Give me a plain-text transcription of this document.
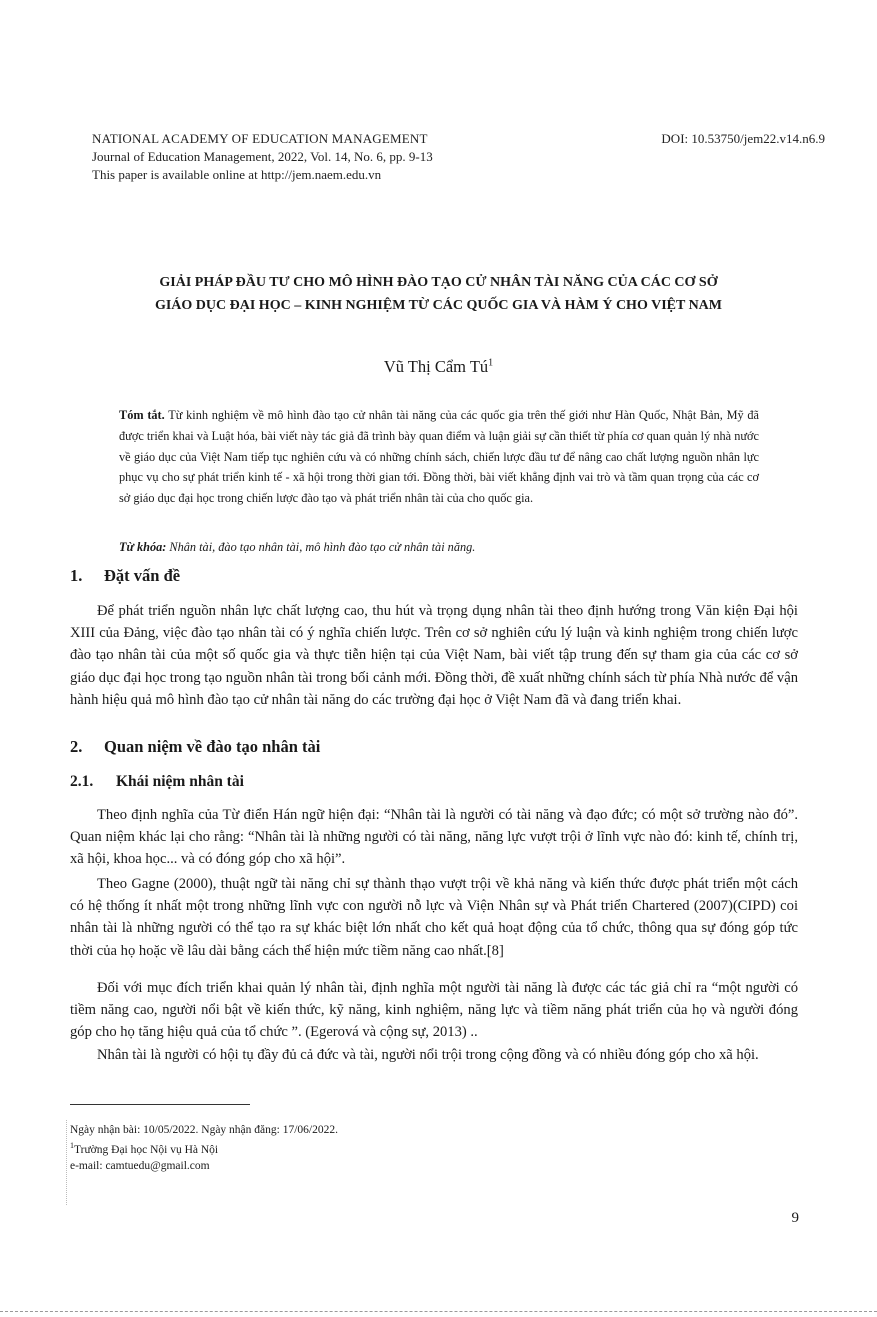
NATIONAL ACADEMY OF EDUCATION MANAGEMENT
Journal of Education Management, 2022, Vol. 14, No. 6, pp. 9-13
This paper is available online at http://jem.naem.edu.vn
DOI: 10.53750/jem22.v14.n6.9
GIẢI PHÁP ĐẦU TƯ CHO MÔ HÌNH ĐÀO TẠO CỬ NHÂN TÀI NĂNG CỦA CÁC CƠ SỞ
GIÁO DỤC ĐẠI HỌC – KINH NGHIỆM TỪ CÁC QUỐC GIA VÀ HÀM Ý CHO VIỆT NAM
Vũ Thị Cẩm $Tú^1$
Tóm tắt. Từ kinh nghiệm về mô hình đào tạo cử nhân tài năng của các quốc gia trên thế giới như Hàn Quốc, Nhật Bản, Mỹ đã được triển khai và Luật hóa, bài viết này tác giả đã trình bày quan điểm và luận giải sự cần thiết từ phía cơ quan quản lý nhà nước về giáo dục của Việt Nam tiếp tục nghiên cứu và có những chính sách, chiến lược đầu tư để nâng cao chất lượng nguồn nhân lực phục vụ cho sự phát triển kinh tế - xã hội trong thời gian tới. Đồng thời, bài viết khẳng định vai trò và tầm quan trọng của các cơ sở giáo dục đại học trong chiến lược đào tạo và phát triển nhân tài của cho quốc gia.
Từ khóa: Nhân tài, đào tạo nhân tài, mô hình đào tạo cử nhân tài năng.
1. Đặt vấn đề
Để phát triển nguồn nhân lực chất lượng cao, thu hút và trọng dụng nhân tài theo định hướng trong Văn kiện Đại hội XIII của Đảng, việc đào tạo nhân tài có ý nghĩa chiến lược. Trên cơ sở nghiên cứu lý luận và kinh nghiệm trong chiến lược đào tạo nhân tài của một số quốc gia và thực tiễn hiện tại của Việt Nam, bài viết tập trung đến sự tham gia của các cơ sở giáo dục đại học trong tạo nguồn nhân tài trong bối cảnh mới. Đồng thời, đề xuất những chính sách từ phía Nhà nước để vận hành hiệu quả mô hình đào tạo cử nhân tài năng do các trường đại học ở Việt Nam đã và đang triển khai.
2. Quan niệm về đào tạo nhân tài
2.1. Khái niệm nhân tài
Theo định nghĩa của Từ điển Hán ngữ hiện đại: “Nhân tài là người có tài năng và đạo đức; có một sở trường nào đó”. Quan niệm khác lại cho rằng: “Nhân tài là những người có tài năng, năng lực vượt trội ở lĩnh vực nào đó: kinh tế, chính trị, xã hội, khoa học... và có đóng góp cho xã hội”.
Theo Gagne (2000), thuật ngữ tài năng chỉ sự thành thạo vượt trội về khả năng và kiến thức được phát triển một cách có hệ thống ít nhất một trong những lĩnh vực con người nỗ lực và Viện Nhân sự và Phát triển Chartered (2007)(CIPD) coi nhân tài là những người có thể tạo ra sự khác biệt lớn nhất cho kết quả hoạt động của tổ chức, thông qua sự đóng góp tức thời của họ hoặc về lâu dài bằng cách thể hiện mức tiềm năng cao nhất.[8]
Đối với mục đích triển khai quản lý nhân tài, định nghĩa một người tài năng là được các tác giả chỉ ra “một người có tiềm năng cao, người nổi bật về kiến thức, kỹ năng, kinh nghiệm, năng lực và tiềm năng phát triển của họ và người đóng góp cho họ tăng hiệu quả của tổ chức ”. (Egerová và cộng sự, 2013) ..
Nhân tài là người có hội tụ đầy đủ cả đức và tài, người nổi trội trong cộng đồng và có nhiều đóng góp cho xã hội.
Ngày nhận bài: 10/05/2022. Ngày nhận đăng: 17/06/2022.
$^1$Trường Đại học Nội vụ Hà Nội
e-mail: camtuedu@gmail.com
9
